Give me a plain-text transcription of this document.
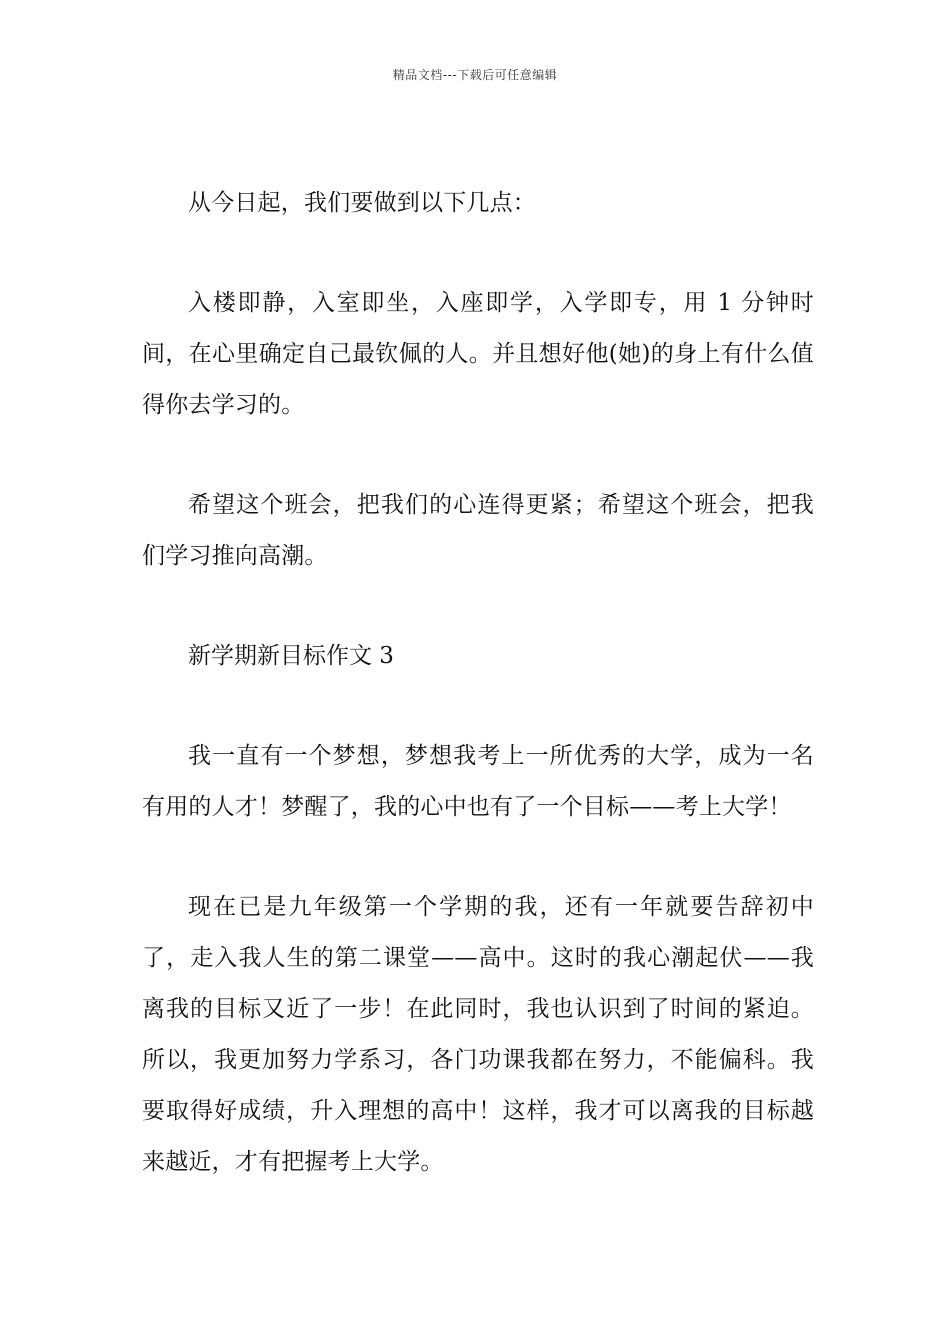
精品文档---下载后可任意编辑

从今日起，我们要做到以下几点：

入楼即静，入室即坐，入座即学，入学即专，用 1 分钟时间，在心里确定自己最钦佩的人。并且想好他(她)的身上有什么值得你去学习的。

希望这个班会，把我们的心连得更紧；希望这个班会，把我们学习推向高潮。

新学期新目标作文 3

我一直有一个梦想，梦想我考上一所优秀的大学，成为一名有用的人才！梦醒了，我的心中也有了一个目标——考上大学！

现在已是九年级第一个学期的我，还有一年就要告辞初中了，走入我人生的第二课堂——高中。这时的我心潮起伏——我离我的目标又近了一步！在此同时，我也认识到了时间的紧迫。所以，我更加努力学系习，各门功课我都在努力，不能偏科。我要取得好成绩，升入理想的高中！这样，我才可以离我的目标越来越近，才有把握考上大学。
